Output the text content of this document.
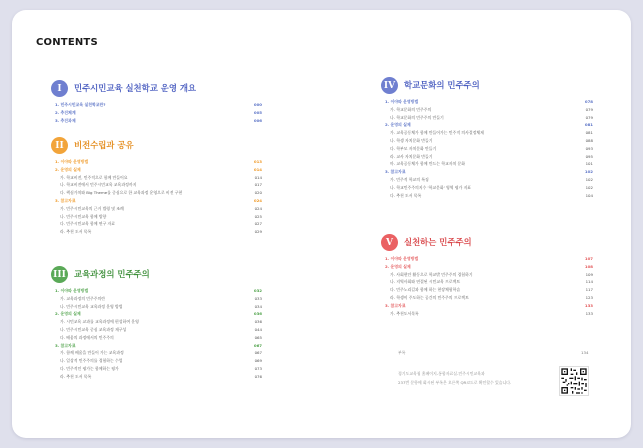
CONTENTS
I	민주시민교육 실천학교 운영 개요
1. 민주시민교육 실천학교란?	000
2. 추진체계	005
3. 추진과제	006
II	비전수립과 공유
1. 이야따 운영방법	013
2. 운영의 실제	014
가. 학교비전, 민주적으로 함께 만들어요	014
나. 학교비전에서 민주시민교육 교육과정까지	017
다. 핵심가치와 Big Theme를 중심으로 한 교육과정 운영으로 비전 구현	020
3. 참고자료	024
가. 민주시민교육의 근거 법령 및 조례	024
나. 민주시민교육 함께 방향	025
다. 민주시민교육 함께 연구 자료	027
라. 추천 도서 목록	029
III 교육과정의 민주주의
1. 이야따 운영방법	032
가. 교육과정의 민주주의란	033
나. 민주시민교육 교육과정 운영 방법	034
2. 운영의 실제	036
가. 시민교육 교과를 교육과정에 편성하여 운영	036
나. 민주시민교육 중심 교육과정 재구성	044
다. 배움의 과정에서의 민주주의	065
3. 참고자료	067
가. 함께 배움을 만들어 가는 교육과정	067
나. 일상적 민주주의를 경험하는 수업	069
다. 민주적인 평가는 함께하는 평가	073
라. 추천 도서 목록	076
IV	학교문화의 민주주의
1. 이야따 운영방법	078
가. 학교문화의 민주주의	079
나. 학교문화의 민주주의 만들기	079
2. 운영의 실제	081
가. 교육공동체가 함께 만들어가는 민주적 의사결정체제	081
나. 학생 자치문화 만들기	088
다. 학부모 자치문화 만들기	093
라. 교사 자치문화 만들기	095
마. 교육공동체가 함께 만드는 학교자치 문화	101
3. 참고자료	102
가. 민주적 학교의 특징	102
나. 학교민주주의지수 '학교문화' 영역 평가 지표	102
다. 추천 도서 목록	104
V	실천하는 민주주의
1. 이야따 운영방법	107
2. 운영의 실제	108
가. 사회현안 활동으로 학교밖 민주주의 경험하기	109
나. 지역사회와 연결된 시민교육 프로젝트	114
다. 민주노리길과 함께 하는 현장체험학습	117
라. 학생이 주도하는 공간의 민주주의 프로젝트	123
3. 참고자료	133
가. 추천도서목록	133
부록	134
경기도교육청 홈페이지-통합자료실-민주시민교육과
237번 문항에 회시된 부록은 오른쪽 QR코드로 확인할수 있습니다.
